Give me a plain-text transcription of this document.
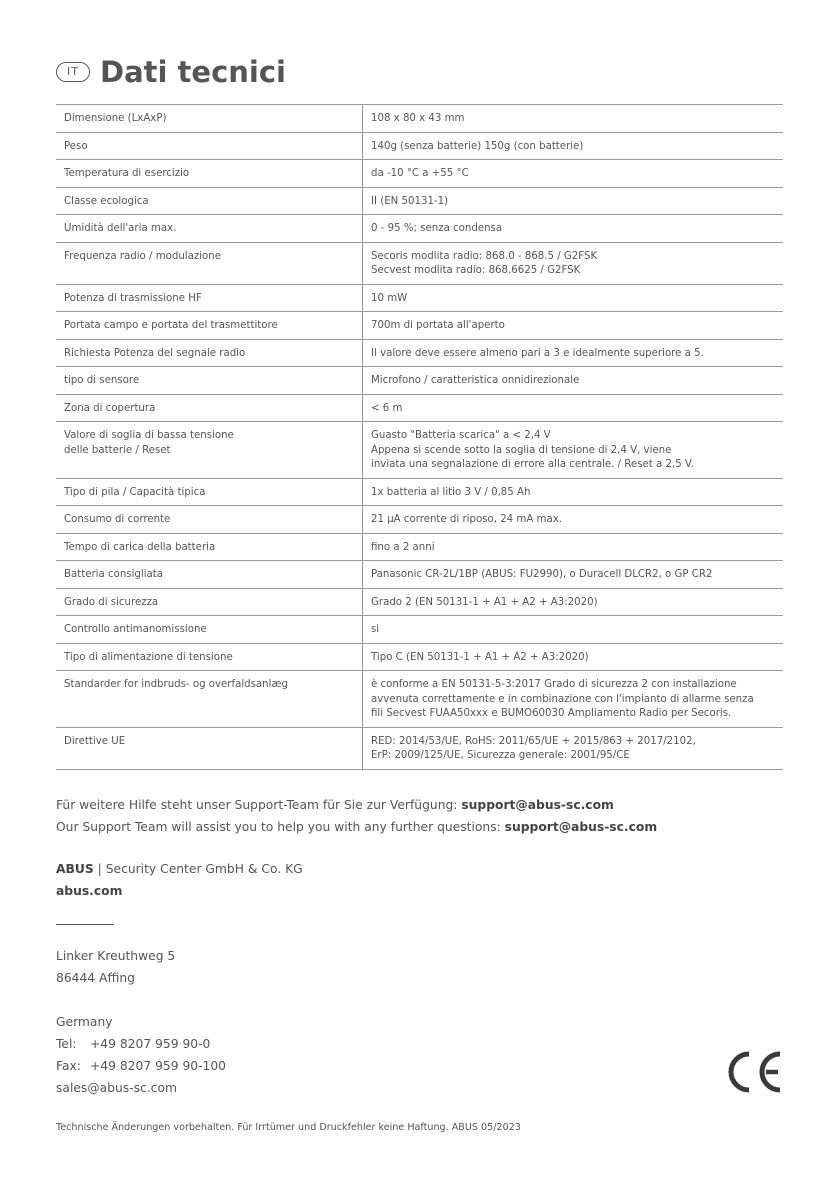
IT Dati tecnici
Dimensione (LxAxP)	108 x 80 x 43 mm
Peso	140g (senza batterie) 150g (con batterie)
Temperatura di esercizio	da -10 °C a +55 °C
Classe ecologica	II (EN 50131-1)
Umidità dell'aria max.	0 - 95 %; senza condensa
Frequenza radio / modulazione	Secoris modlita radio: 868.0 - 868.5 / G2FSK
Secvest modlita radio: 868.6625 / G2FSK
Potenza di trasmissione HF	10 mW
Portata campo e portata del trasmettitore	700m di portata all'aperto
Richiesta Potenza del segnale radio	Il valore deve essere almeno pari a 3 e idealmente superiore a 5.
tipo di sensore	Microfono / caratteristica onnidirezionale
Zona di copertura	< 6 m
Valore di soglia di bassa tensione
delle batterie / Reset	Guasto "Batteria scarica" a < 2,4 V
Appena si scende sotto la soglia di tensione di 2,4 V, viene
inviata una segnalazione di errore alla centrale. / Reset a 2,5 V.
Tipo di pila / Capacità tipica	1x batteria al litio 3 V / 0,85 Ah
Consumo di corrente	21 µA corrente di riposo, 24 mA max.
Tempo di carica della batteria	fino a 2 anni
Batteria consigliata	Panasonic CR-2L/1BP (ABUS: FU2990), o Duracell DLCR2, o GP CR2
Grado di sicurezza	Grado 2 (EN 50131-1 + A1 + A2 + A3:2020)
Controllo antimanomissione	si
Tipo di alimentazione di tensione	Tipo C (EN 50131-1 + A1 + A2 + A3:2020)
Standarder for indbruds- og overfaldsanlæg	è conforme a EN 50131-5-3:2017 Grado di sicurezza 2 con installazione
avvenuta correttamente e in combinazione con l'impianto di allarme senza
fili Secvest FUAA50xxx e BUMO60030 Ampliamento Radio per Secoris.
Direttive UE	RED: 2014/53/UE, RoHS: 2011/65/UE + 2015/863 + 2017/2102,
ErP: 2009/125/UE, Sicurezza generale: 2001/95/CE
Für weitere Hilfe steht unser Support-Team für Sie zur Verfügung: support@abus-sc.com
Our Support Team will assist you to help you with any further questions: support@abus-sc.com
ABUS | Security Center GmbH & Co. KG
abus.com
Linker Kreuthweg 5
86444 Affing
Germany
Tel: +49 8207 959 90-0
Fax: +49 8207 959 90-100
sales@abus-sc.com
Technische Änderungen vorbehalten. Für Irrtümer und Druckfehler keine Haftung. ABUS 05/2023
